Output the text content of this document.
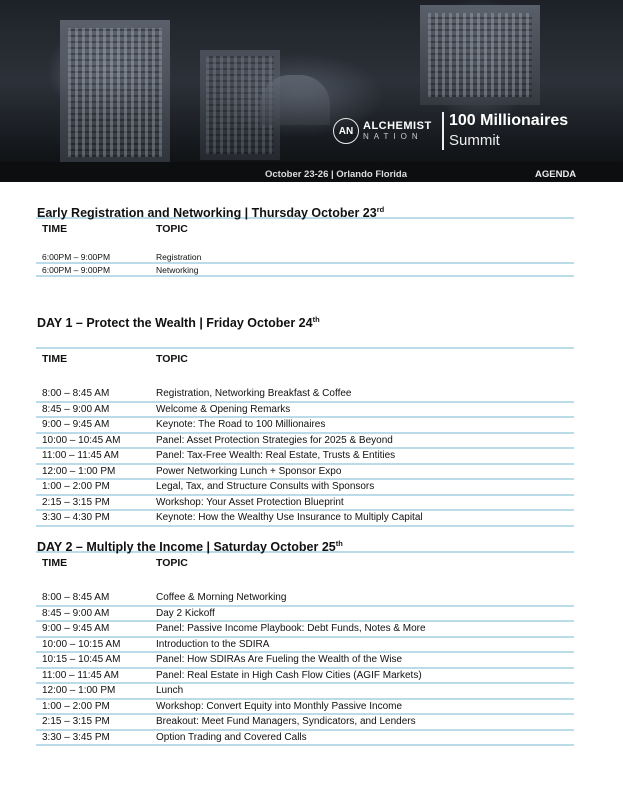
AN ALCHEMIST
NATION
100 Millionaires
Summit
October 23-26 | Orlando Florida	AGENDA
Early Registration and Networking | Thursday October 23rd
TIME	TOPIC
6:00PM – 9:00PM	Registration
6:00PM – 9:00PM	Networking
DAY 1 – Protect the Wealth | Friday October 24th
TIME	TOPIC
8:00 – 8:45 AM	Registration, Networking Breakfast & Coffee
8:45 – 9:00 AM	Welcome & Opening Remarks
9:00 – 9:45 AM	Keynote: The Road to 100 Millionaires
10:00 – 10:45 AM	Panel: Asset Protection Strategies for 2025 & Beyond
11:00 – 11:45 AM	Panel: Tax-Free Wealth: Real Estate, Trusts & Entities
12:00 – 1:00 PM	Power Networking Lunch + Sponsor Expo
1:00 – 2:00 PM	Legal, Tax, and Structure Consults with Sponsors
2:15 – 3:15 PM	Workshop: Your Asset Protection Blueprint
3:30 – 4:30 PM	Keynote: How the Wealthy Use Insurance to Multiply Capital
DAY 2 – Multiply the Income | Saturday October 25th
TIME	TOPIC
8:00 – 8:45 AM	Coffee & Morning Networking
8:45 – 9:00 AM	Day 2 Kickoff
9:00 – 9:45 AM	Panel: Passive Income Playbook: Debt Funds, Notes & More
10:00 – 10:15 AM	Introduction to the SDIRA
10:15 – 10:45 AM	Panel: How SDIRAs Are Fueling the Wealth of the Wise
11:00 – 11:45 AM	Panel: Real Estate in High Cash Flow Cities (AGIF Markets)
12:00 – 1:00 PM	Lunch
1:00 – 2:00 PM	Workshop: Convert Equity into Monthly Passive Income
2:15 – 3:15 PM	Breakout: Meet Fund Managers, Syndicators, and Lenders
3:30 – 3:45 PM	Option Trading and Covered Calls
